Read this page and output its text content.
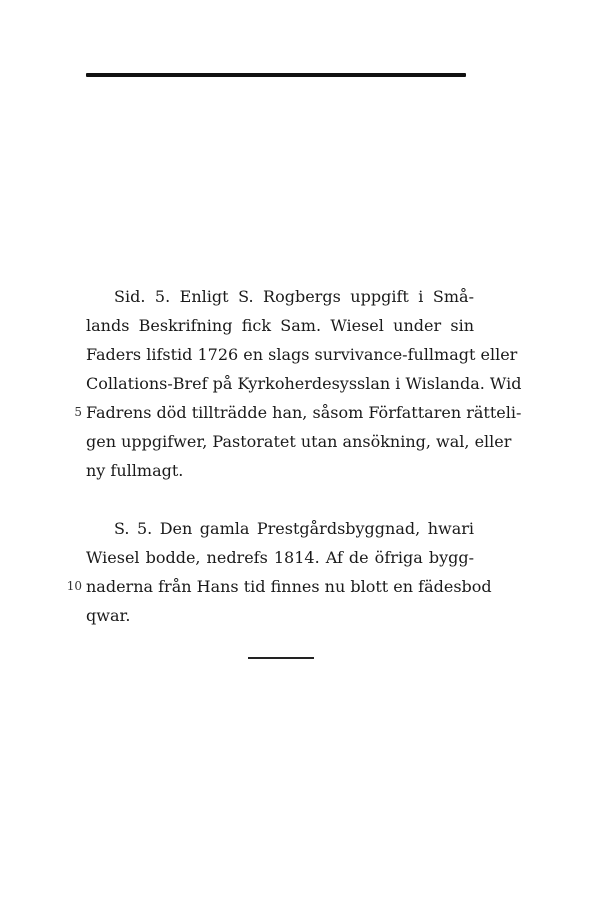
Sid. 5. Enligt S. Rogbergs uppgift i Små-
lands Beskrifning fick Sam. Wiesel under sin
Faders lifstid 1726 en slags survivance-fullmagt eller
Collations-Bref på Kyrkoherdesysslan i Wislanda. Wid
5 Fadrens död tillträdde han, såsom Författaren rätteli-
gen uppgifwer, Pastoratet utan ansökning, wal, eller
ny fullmagt.
S. 5. Den gamla Prestgårdsbyggnad, hwari
Wiesel bodde, nedrefs 1814. Af de öfriga bygg-
10 naderna från Hans tid finnes nu blott en fädesbod
qwar.
